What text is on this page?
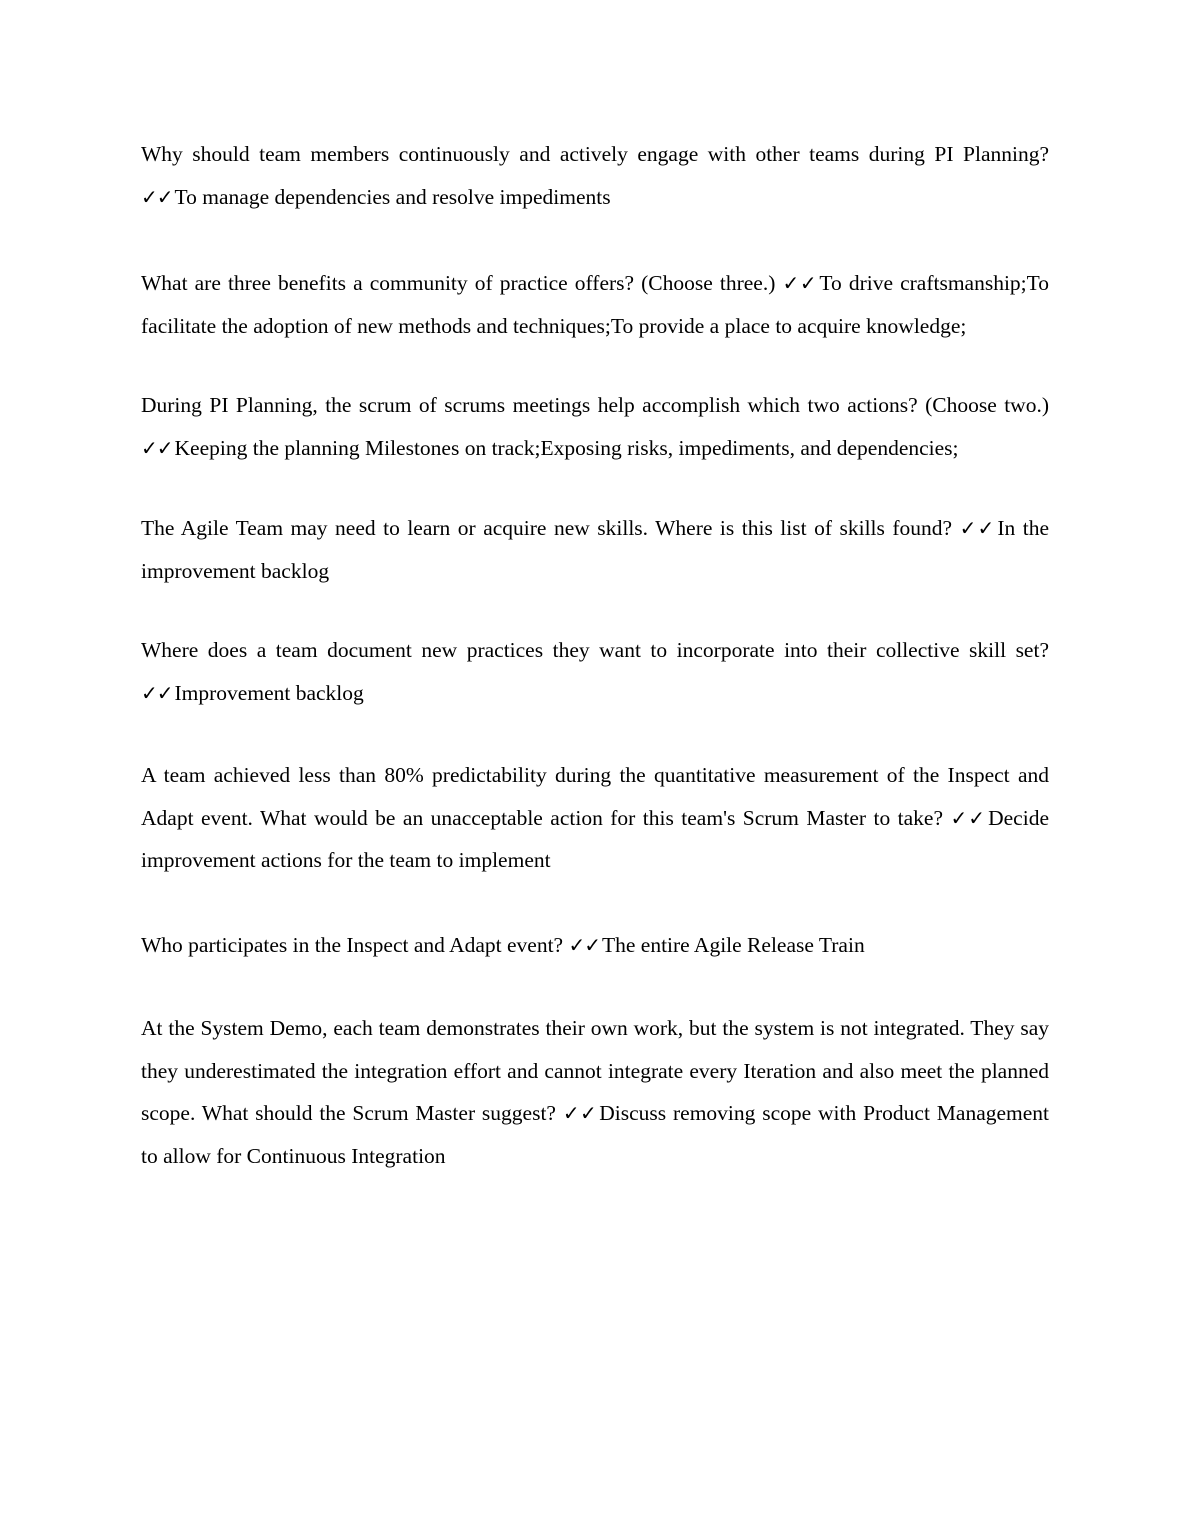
Why should team members continuously and actively engage with other teams during PI Planning? ✓✓To manage dependencies and resolve impediments

What are three benefits a community of practice offers? (Choose three.) ✓✓To drive craftsmanship;To facilitate the adoption of new methods and techniques;To provide a place to acquire knowledge;

During PI Planning, the scrum of scrums meetings help accomplish which two actions? (Choose two.) ✓✓Keeping the planning Milestones on track;Exposing risks, impediments, and dependencies;

The Agile Team may need to learn or acquire new skills. Where is this list of skills found? ✓✓In the improvement backlog

Where does a team document new practices they want to incorporate into their collective skill set? ✓✓Improvement backlog

A team achieved less than 80% predictability during the quantitative measurement of the Inspect and Adapt event. What would be an unacceptable action for this team's Scrum Master to take? ✓✓Decide improvement actions for the team to implement

Who participates in the Inspect and Adapt event? ✓✓The entire Agile Release Train

At the System Demo, each team demonstrates their own work, but the system is not integrated. They say they underestimated the integration effort and cannot integrate every Iteration and also meet the planned scope. What should the Scrum Master suggest? ✓✓Discuss removing scope with Product Management to allow for Continuous Integration
